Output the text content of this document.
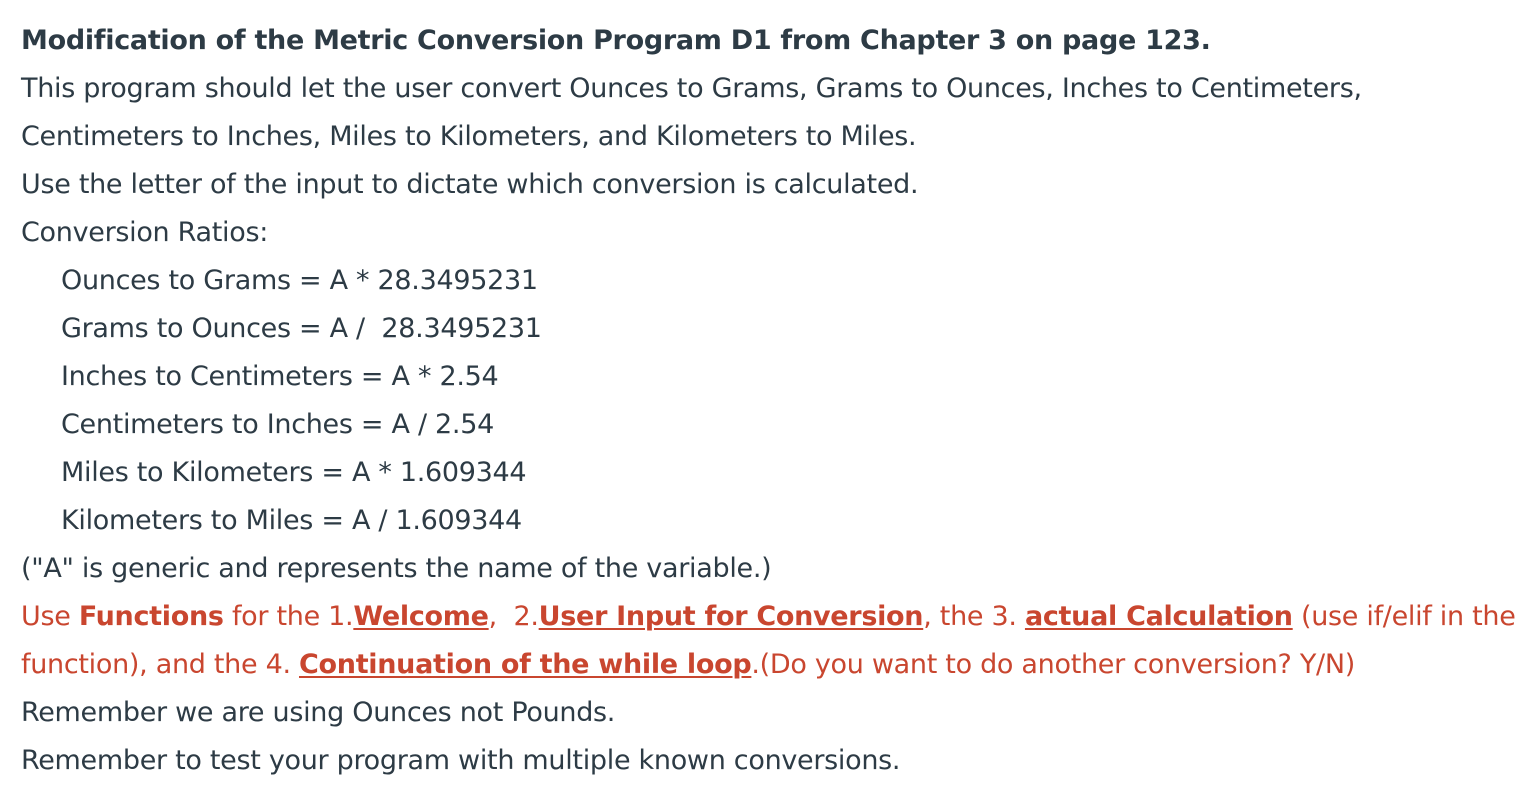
Modification of the Metric Conversion Program D1 from Chapter 3 on page 123.
This program should let the user convert Ounces to Grams, Grams to Ounces, Inches to Centimeters,
Centimeters to Inches, Miles to Kilometers, and Kilometers to Miles.
Use the letter of the input to dictate which conversion is calculated.
Conversion Ratios:
Ounces to Grams = A * 28.3495231
Grams to Ounces = A /  28.3495231
Inches to Centimeters = A * 2.54
Centimeters to Inches = A / 2.54
Miles to Kilometers = A * 1.609344
Kilometers to Miles = A / 1.609344
("A" is generic and represents the name of the variable.)
Use Functions for the 1.Welcome,  2.User Input for Conversion, the 3. actual Calculation (use if/elif in the
function), and the 4. Continuation of the while loop.(Do you want to do another conversion? Y/N)
Remember we are using Ounces not Pounds.
Remember to test your program with multiple known conversions.
